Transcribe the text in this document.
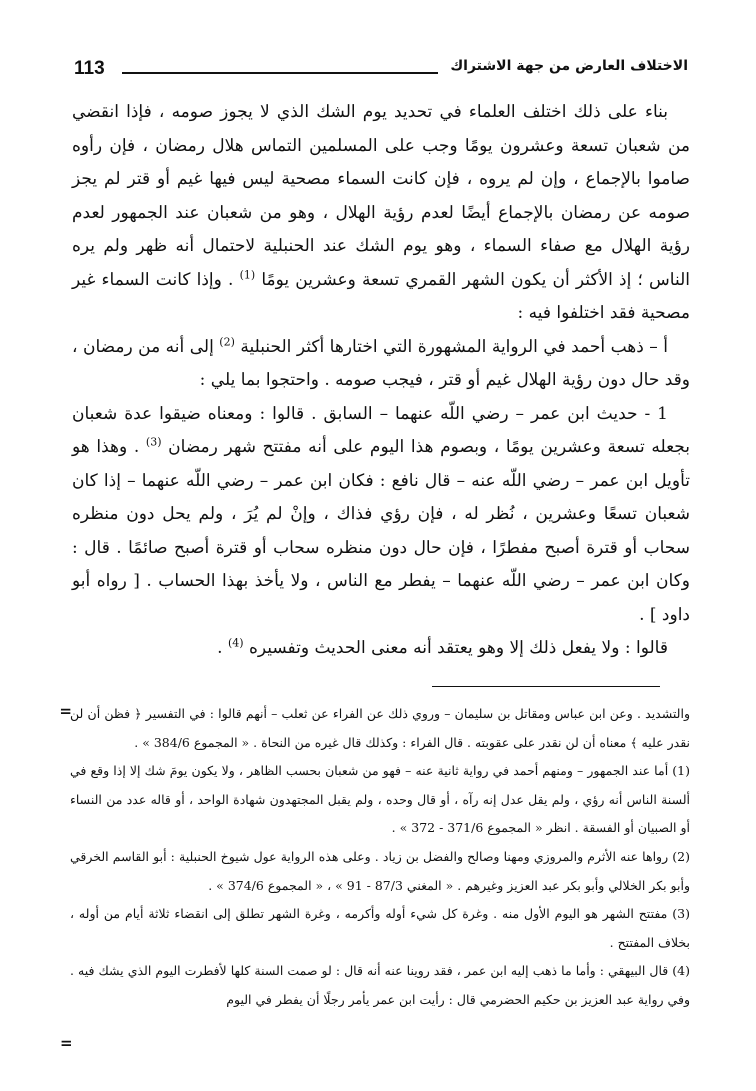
113	الاختلاف العارض من جهة الاشتراك

بناء على ذلك اختلف العلماء في تحديد يوم الشك الذي لا يجوز صومه ، فإذا انقضي من شعبان تسعة وعشرون يومًا وجب على المسلمين التماس هلال رمضان ، فإن رأوه صاموا بالإجماع ، وإن لم يروه ، فإن كانت السماء مصحية ليس فيها غيم أو قتر لم يجز صومه عن رمضان بالإجماع أيضًا لعدم رؤية الهلال ، وهو من شعبان عند الجمهور لعدم رؤية الهلال مع صفاء السماء ، وهو يوم الشك عند الحنبلية لاحتمال أنه ظهر ولم يره الناس ؛ إذ الأكثر أن يكون الشهر القمري تسعة وعشرين يومًا $^{(1)}$ . وإذا كانت السماء غير مصحية فقد اختلفوا فيه :

أ – ذهب أحمد في الرواية المشهورة التي اختارها أكثر الحنبلية $^{(2)}$ إلى أنه من رمضان ، وقد حال دون رؤية الهلال غيم أو قتر ، فيجب صومه . واحتجوا بما يلي :

1 - حديث ابن عمر – رضي اللّه عنهما – السابق . قالوا : ومعناه ضيقوا عدة شعبان بجعله تسعة وعشرين يومًا ، وبصوم هذا اليوم على أنه مفتتح شهر رمضان $^{(3)}$ . وهذا هو تأويل ابن عمر – رضي اللّه عنه – قال نافع : فكان ابن عمر – رضي اللّه عنهما – إذا كان شعبان تسعًا وعشرين ، نُظر له ، فإن رؤي فذاك ، وإنْ لم يُرَ ، ولم يحل دون منظره سحاب أو قترة أصبح مفطرًا ، فإن حال دون منظره سحاب أو قترة أصبح صائمًا . قال : وكان ابن عمر – رضي اللّه عنهما – يفطر مع الناس ، ولا يأخذ بهذا الحساب . [ رواه أبو داود ] .

قالوا : ولا يفعل ذلك إلا وهو يعتقد أنه معنى الحديث وتفسيره $^{(4)}$ .

=

والتشديد . وعن ابن عباس ومقاتل بن سليمان – وروي ذلك عن الفراء عن ثعلب – أنهم قالوا : في التفسير ﴿ فظن أن لن نقدر عليه ﴾ معناه أن لن نقدر على عقوبته . قال الفراء : وكذلك قال غيره من النحاة . « المجموع 384/6 » .

(1) أما عند الجمهور – ومنهم أحمد في رواية ثانية عنه – فهو من شعبان بحسب الظاهر ، ولا يكون يومَ شك إلا إذا وقع في ألسنة الناس أنه رؤي ، ولم يقل عدل إنه رآه ، أو قال وحده ، ولم يقبل المجتهدون شهادة الواحد ، أو قاله عدد من النساء أو الصبيان أو الفسقة . انظر « المجموع 371/6 - 372 » .

(2) رواها عنه الأثرم والمروزي ومهنا وصالح والفضل بن زياد . وعلى هذه الرواية عول شيوخ الحنبلية : أبو القاسم الخرقي وأبو بكر الخلالي وأبو بكر عبد العزيز وغيرهم . « المغني 87/3 - 91 » ، « المجموع 374/6 » .

(3) مفتتح الشهر هو اليوم الأول منه . وغرة كل شيء أوله وأكرمه ، وغرة الشهر تطلق إلى انقضاء ثلاثة أيام من أوله ، بخلاف المفتتح .

(4) قال البيهقي : وأما ما ذهب إليه ابن عمر ، فقد روينا عنه أنه قال : لو صمت السنة كلها لأفطرت اليوم الذي يشك فيه . وفي رواية عبد العزيز بن حكيم الحضرمي قال : رأيت ابن عمر يأمر رجلًا أن يفطر في اليوم

=
